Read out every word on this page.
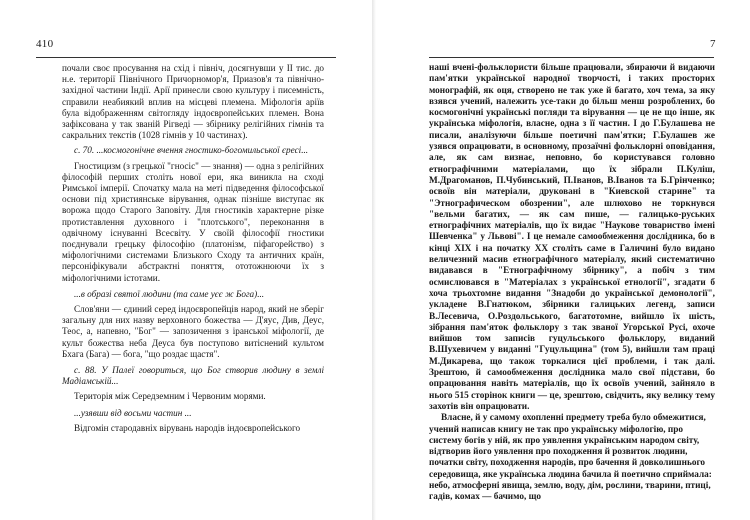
410

почали своє просування на схід і північ, досягнувши у II тис. до н.е. території Північного Причорномор'я, Приазов'я та північно-західної частини Індії. Арії принесли свою культуру і писемність, справили неабиякий вплив на місцеві племена. Міфологія аріїв була відображенням світогляду індоєвропейських племен. Вона зафіксована у так званій Рігведі — збірнику релігійних гімнів та сакральних текстів (1028 гімнів у 10 частинах).

с. 70. ...космогонічне вчення гностико-богомильської єресі...

Гностицизм (з грецької "гносіс" — знання) — одна з релігійних філософій перших століть нової ери, яка виникла на сході Римської імперії. Спочатку мала на меті підведення філософської основи під християнське вірування, однак пізніше виступає як ворожа щодо Старого Заповіту. Для гностиків характерне різке протиставлення духовного і "плотського", переконання в одвічному існуванні Всесвіту. У своїй філософії гностики поєднували грецьку філософію (платонізм, піфагорейство) з міфологічними системами Близького Сходу та античних країн, персоніфікували абстрактні поняття, ототожнюючи їх з міфологічними істотами.

...в образі святої людини (та саме уєє ж Бога)...

Слов'яни — єдиний серед індоєвропейців народ, який не зберіг загальну для них назву верховного божества — Д'яус, Див, Деус, Теос, а, напевно, "Бог" — запозичення з іранської міфології, де культ божества неба Деуса був поступово витіснений культом Бхага (Бага) — бога, "що роздає щастя".

с. 88. У Палеї говориться, що Бог створив людину в землі Мадіамській...

Територія між Середземним і Червоним морями.

...узявши від восьми частин ...

Відгомін стародавніх вірувань народів індоєвропейського

7

наші вчені-фольклористи більше працювали, збираючи й видаючи пам'ятки української народної творчості, і таких просторих монографій, як оця, створено не так уже й багато, хоч тема, за яку взявся учений, належить усе-таки до більш менш розроблених, бо космогонічні українські погляди та вірування — це не що інше, як українська міфологія, власне, одна з її частин. І до Г.Булашева не писали, аналізуючи більше поетичні пам'ятки; Г.Булашев же узявся опрацювати, в основному, прозаїчні фольклорні оповідання, але, як сам визнає, неповно, бо користувався головно етнографічними матеріалами, що їх зібрали П.Куліш, М.Драгоманов, П.Чубинський, П.Іванов, В.Іванов та Б.Грінченко; освоїв він матеріали, друковані в "Киевской старине" та "Этнографическом обозрении", але шлюхово не торкнувся "вельми багатих, — як сам пише, — галицько-руських етнографічних матеріалів, що їх видає "Наукове товариство імені Шевченка" у Львові". І це немале самообмеження дослідника, бо в кінці XIX і на початку XX століть саме в Галичині було видано величезний масив етнографічного матеріалу, який систематично видавався в "Етнографічному збірнику", а побіч з тим осмислювався в "Матеріалах з української етнології", згадати б хоча трьохтомне видання "Знадоби до української демонології", укладене В.Гнатюком, збірники галицьких легенд, записи В.Лесевича, О.Роздольського, багатотомне, вийшло їх шість, зібрання пам'яток фольклору з так званої Угорської Русі, охоче вийшов том записів гуцульського фольклору, виданий В.Шухевичем у виданні "Гуцульщина" (том 5), вийшли там праці М.Дикарева, що також торкалися цієї проблеми, і так далі. Зрештою, й самообмеження дослідника мало свої підстави, бо опрацювання навіть матеріалів, що їх освоїв учений, зайняло в нього 515 сторінок книги — це, зрештою, свідчить, яку велику тему захотів він опрацювати.

Власне, й у самому охопленні предмету треба було обмежитися, учений написав книгу не так про українську міфологію, про систему богів у ній, як про уявлення українським народом світу, відтворив його уявлення про походження й розвиток людини, початки світу, походження народів, про бачення й довколишнього середовища, яке українська людина бачила й поетично сприймала: небо, атмосферні явища, землю, воду, дім, рослини, тварини, птиці, гадів, комах — бачимо, що
